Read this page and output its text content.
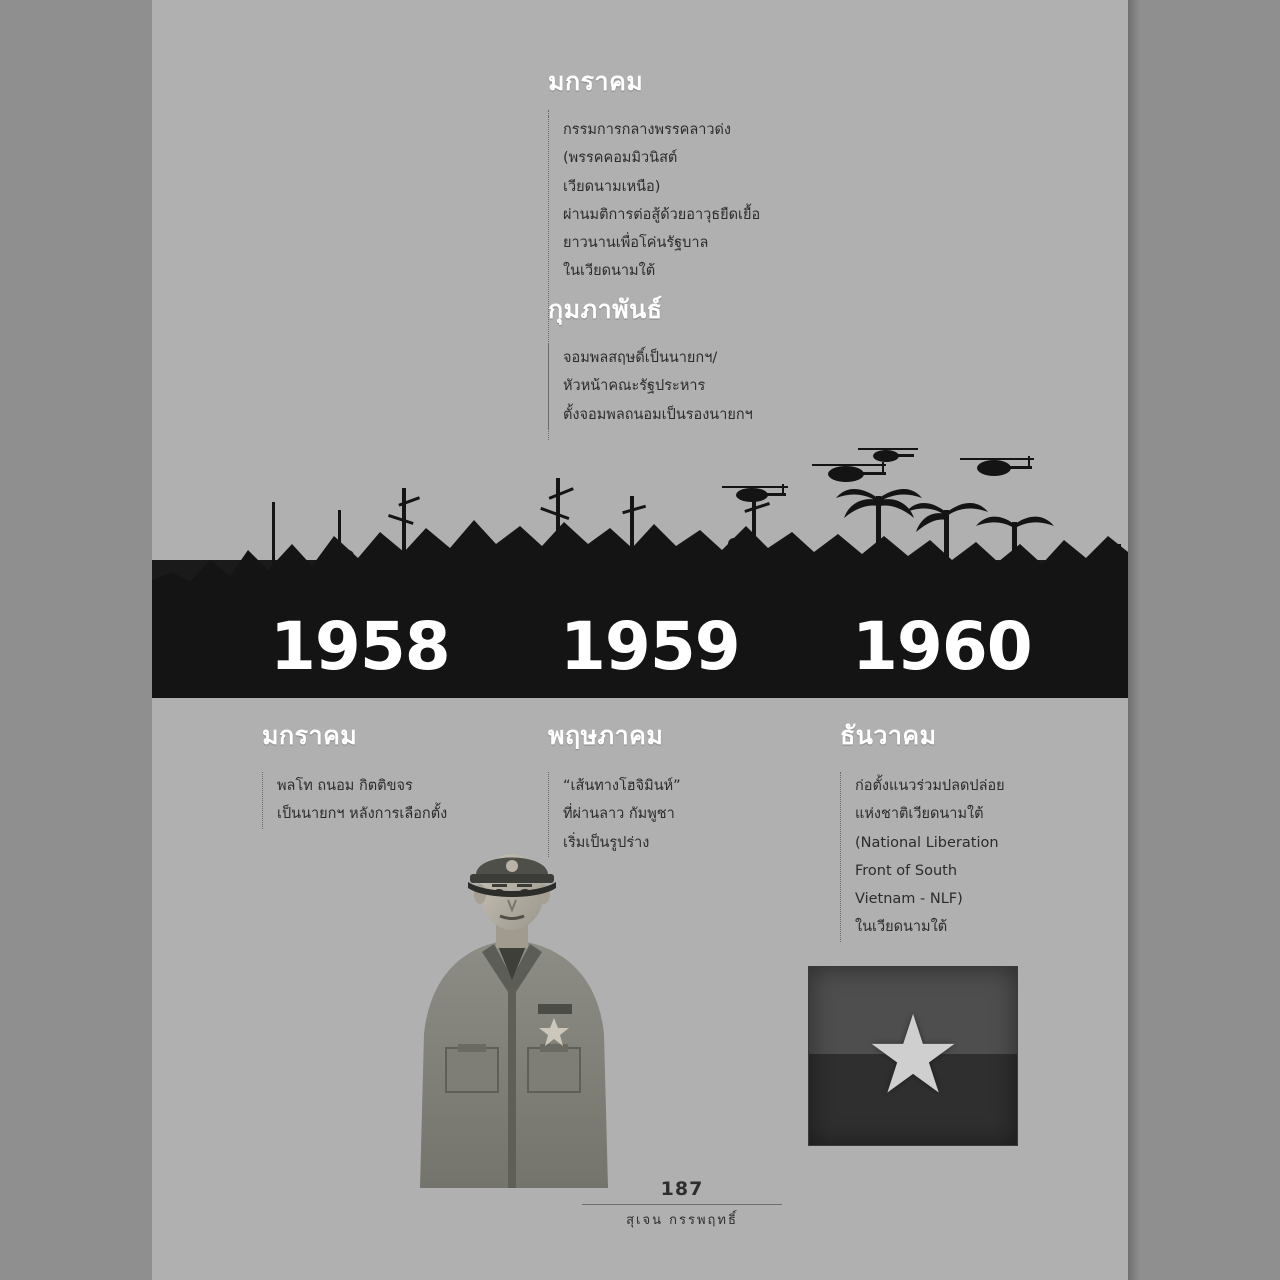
มกราคม
กรรมการกลางพรรคลาวด่ง
(พรรคคอมมิวนิสต์
เวียดนามเหนือ)
ผ่านมติการต่อสู้ด้วยอาวุธยืดเยื้อ
ยาวนานเพื่อโค่นรัฐบาล
ในเวียดนามใต้
กุมภาพันธ์
จอมพลสฤษดิ์เป็นนายกฯ/
หัวหน้าคณะรัฐประหาร
ตั้งจอมพลถนอมเป็นรองนายกฯ
1958 1959 1960
มกราคม
พลโท ถนอม กิตติขจร
เป็นนายกฯ หลังการเลือกตั้ง
พฤษภาคม
“เส้นทางโฮจิมินห์”
ที่ผ่านลาว กัมพูชา
เริ่มเป็นรูปร่าง
ธันวาคม
ก่อตั้งแนวร่วมปลดปล่อย
แห่งชาติเวียดนามใต้
(National Liberation
Front of South
Vietnam - NLF)
ในเวียดนามใต้
★
187
สุเจน กรรพฤทธิ์
